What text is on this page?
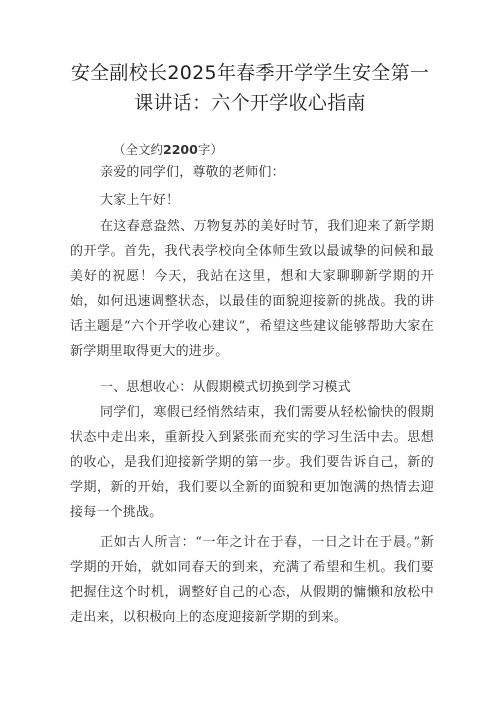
安全副校长2025年春季开学学生安全第一
课讲话：六个开学收心指南
（全文约2200字）
亲爱的同学们，尊敬的老师们：
大家上午好！
在这春意盎然、万物复苏的美好时节，我们迎来了新学期的开学。首先，我代表学校向全体师生致以最诚挚的问候和最美好的祝愿！今天，我站在这里，想和大家聊聊新学期的开始，如何迅速调整状态，以最佳的面貌迎接新的挑战。我的讲话主题是“六个开学收心建议”，希望这些建议能够帮助大家在新学期里取得更大的进步。
一、思想收心：从假期模式切换到学习模式
同学们，寒假已经悄然结束，我们需要从轻松愉快的假期状态中走出来，重新投入到紧张而充实的学习生活中去。思想的收心，是我们迎接新学期的第一步。我们要告诉自己，新的学期，新的开始，我们要以全新的面貌和更加饱满的热情去迎接每一个挑战。
正如古人所言：“一年之计在于春，一日之计在于晨。”新学期的开始，就如同春天的到来，充满了希望和生机。我们要把握住这个时机，调整好自己的心态，从假期的慵懒和放松中走出来，以积极向上的态度迎接新学期的到来。
